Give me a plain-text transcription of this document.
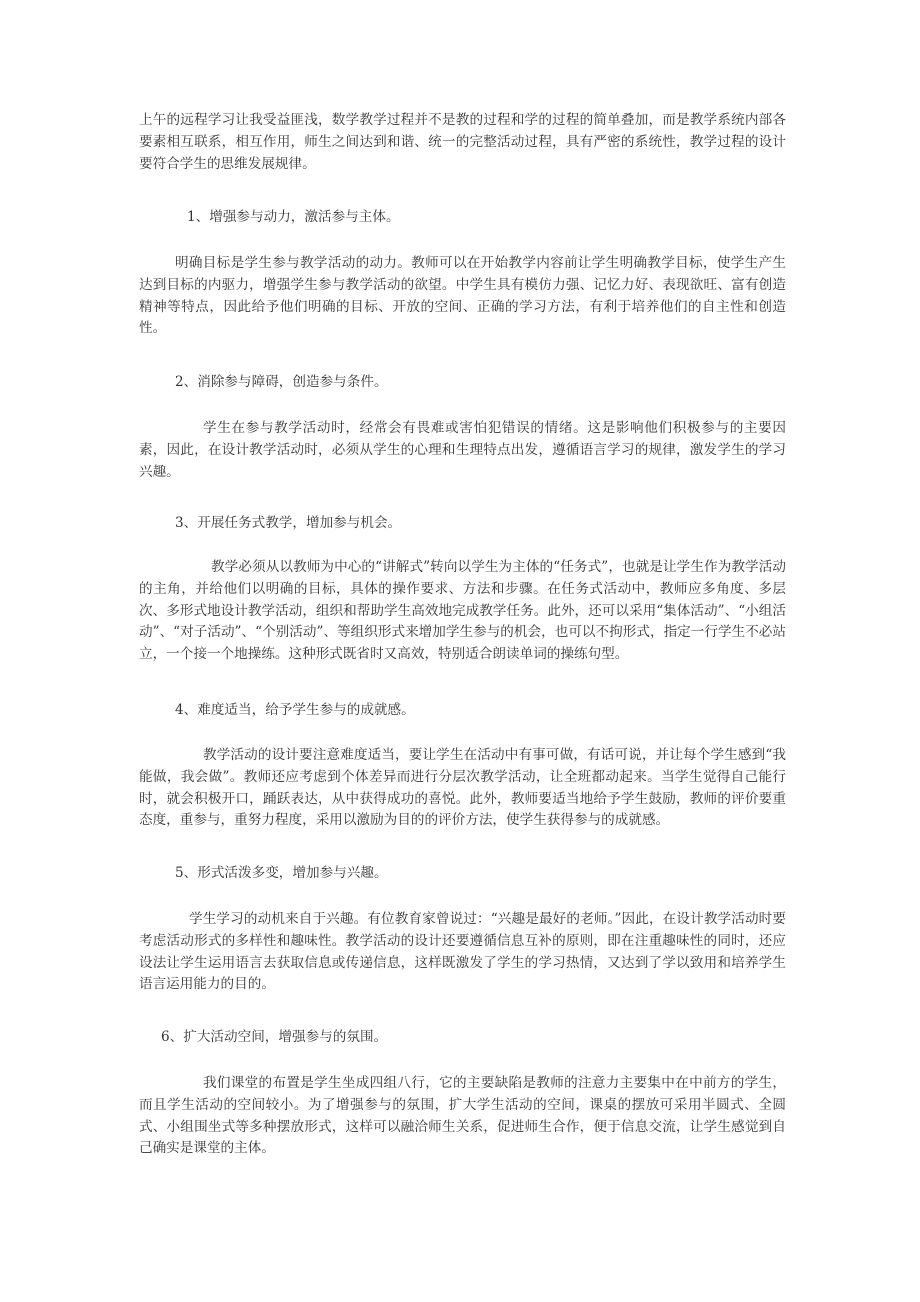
上午的远程学习让我受益匪浅，数学教学过程并不是教的过程和学的过程的简单叠加，而是教学系统内部各要素相互联系，相互作用，师生之间达到和谐、统一的完整活动过程，具有严密的系统性，教学过程的设计要符合学生的思维发展规律。

1、增强参与动力，激活参与主体。

明确目标是学生参与教学活动的动力。教师可以在开始教学内容前让学生明确教学目标，使学生产生达到目标的内驱力，增强学生参与教学活动的欲望。中学生具有模仿力强、记忆力好、表现欲旺、富有创造精神等特点，因此给予他们明确的目标、开放的空间、正确的学习方法，有利于培养他们的自主性和创造性。

2、消除参与障碍，创造参与条件。

学生在参与教学活动时，经常会有畏难或害怕犯错误的情绪。这是影响他们积极参与的主要因素，因此，在设计教学活动时，必须从学生的心理和生理特点出发，遵循语言学习的规律，激发学生的学习兴趣。

3、开展任务式教学，增加参与机会。

教学必须从以教师为中心的“讲解式”转向以学生为主体的“任务式”，也就是让学生作为教学活动的主角，并给他们以明确的目标，具体的操作要求、方法和步骤。在任务式活动中，教师应多角度、多层次、多形式地设计教学活动，组织和帮助学生高效地完成教学任务。此外，还可以采用“集体活动”、“小组活动”、“对子活动”、“个别活动”、等组织形式来增加学生参与的机会，也可以不拘形式，指定一行学生不必站立，一个接一个地操练。这种形式既省时又高效，特别适合朗读单词的操练句型。

4、难度适当，给予学生参与的成就感。

教学活动的设计要注意难度适当，要让学生在活动中有事可做，有话可说，并让每个学生感到“我能做，我会做”。教师还应考虑到个体差异而进行分层次教学活动，让全班都动起来。当学生觉得自己能行时，就会积极开口，踊跃表达，从中获得成功的喜悦。此外，教师要适当地给予学生鼓励，教师的评价要重态度，重参与，重努力程度，采用以激励为目的的评价方法，使学生获得参与的成就感。

5、形式活泼多变，增加参与兴趣。

学生学习的动机来自于兴趣。有位教育家曾说过：“兴趣是最好的老师。”因此，在设计教学活动时要考虑活动形式的多样性和趣味性。教学活动的设计还要遵循信息互补的原则，即在注重趣味性的同时，还应设法让学生运用语言去获取信息或传递信息，这样既激发了学生的学习热情，又达到了学以致用和培养学生语言运用能力的目的。

6、扩大活动空间，增强参与的氛围。

我们课堂的布置是学生坐成四组八行，它的主要缺陷是教师的注意力主要集中在中前方的学生，而且学生活动的空间较小。为了增强参与的氛围，扩大学生活动的空间，课桌的摆放可采用半圆式、全圆式、小组围坐式等多种摆放形式，这样可以融洽师生关系，促进师生合作，便于信息交流，让学生感觉到自己确实是课堂的主体。
